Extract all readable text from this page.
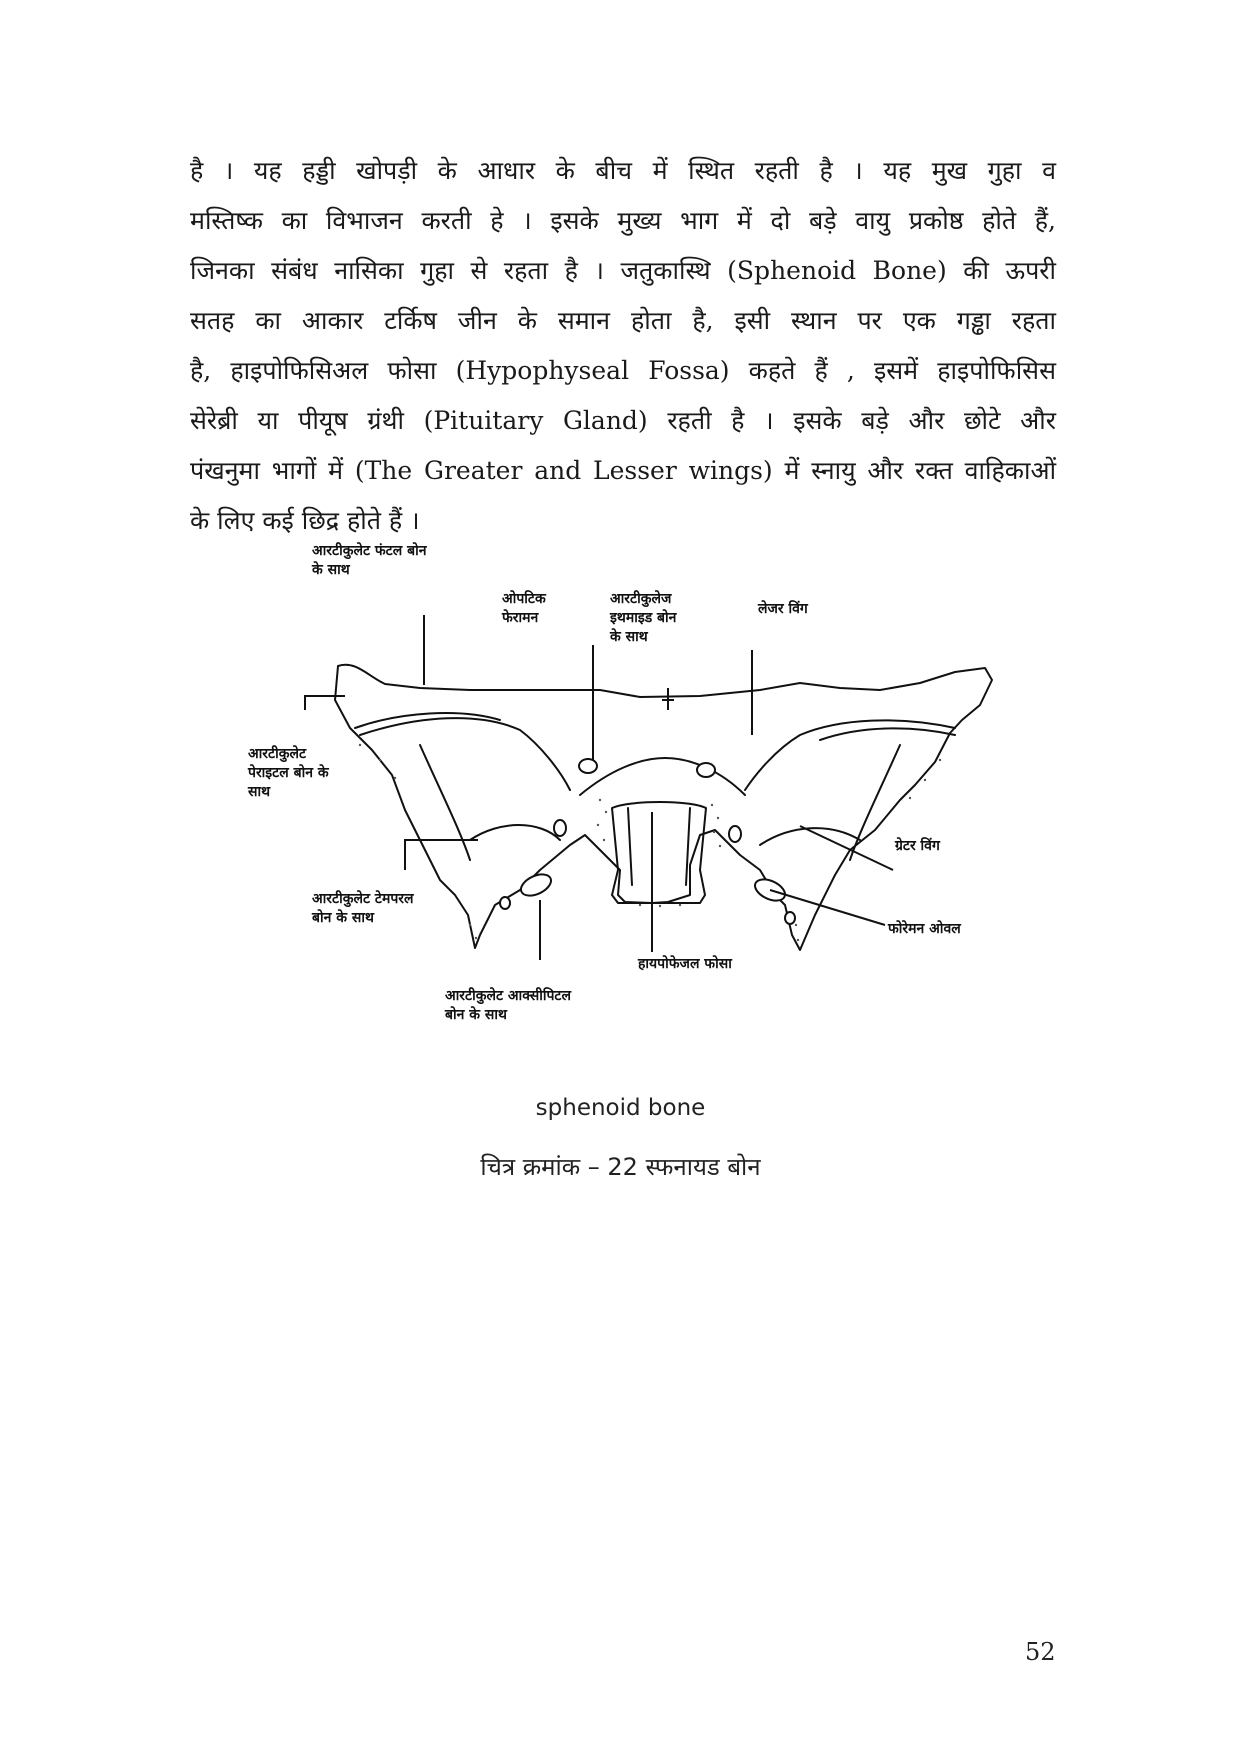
है । यह हड्डी खोपड़ी के आधार के बीच में स्थित रहती है । यह मुख गुहा व
मस्तिष्क का विभाजन करती हे । इसके मुख्य भाग में दो बड़े वायु प्रकोष्ठ होते हैं,
जिनका संबंध नासिका गुहा से रहता है । जतुकास्थि (Sphenoid Bone) की ऊपरी
सतह का आकार टर्किष जीन के समान होता है, इसी स्थान पर एक गड्ढा रहता
है, हाइपोफिसिअल फोसा (Hypophyseal Fossa) कहते हैं , इसमें हाइपोफिसिस
सेरेब्री या पीयूष ग्रंथी (Pituitary Gland) रहती है । इसके बड़े और छोटे और
पंखनुमा भागों में (The Greater and Lesser wings) में स्नायु और रक्त वाहिकाओं
के लिए कई छिद्र होते हैं ।
आरटीकुलेट फंटल बोन
के साथ
ओपटिक
फेरामन
आरटीकुलेज
इथमाइड बोन
के साथ
लेजर विंग
आरटीकुलेट
पेराइटल बोन के
साथ
ग्रेटर विंग
आरटीकुलेट टेमपरल
बोन के साथ
फोरेमन ओवल
हायपोफेजल फोसा
आरटीकुलेट आक्सीपिटल
बोन के साथ
sphenoid bone
चित्र क्रमांक – 22 स्फनायड बोन
52
